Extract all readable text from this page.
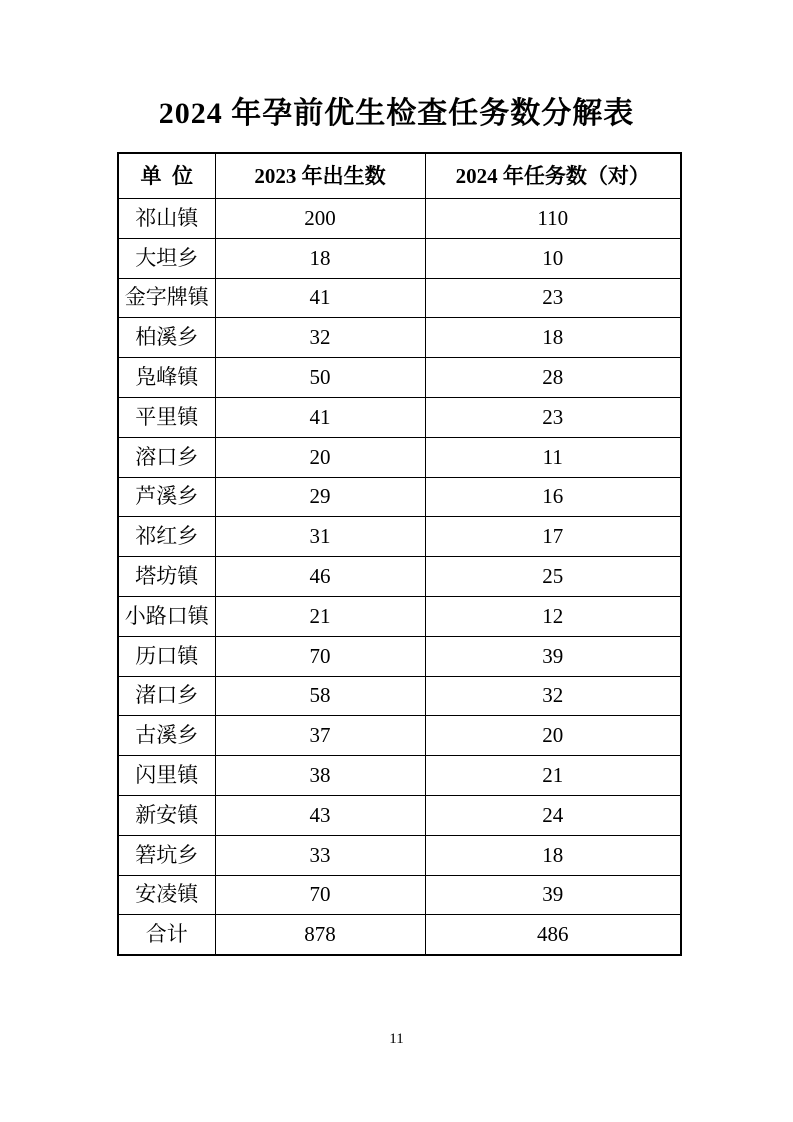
2024 年孕前优生检查任务数分解表
单  位	2023 年出生数	2024 年任务数（对）
祁山镇	200	110
大坦乡	18	10
金字牌镇	41	23
柏溪乡	32	18
凫峰镇	50	28
平里镇	41	23
溶口乡	20	11
芦溪乡	29	16
祁红乡	31	17
塔坊镇	46	25
小路口镇	21	12
历口镇	70	39
渚口乡	58	32
古溪乡	37	20
闪里镇	38	21
新安镇	43	24
箬坑乡	33	18
安凌镇	70	39
合计	878	486
11
